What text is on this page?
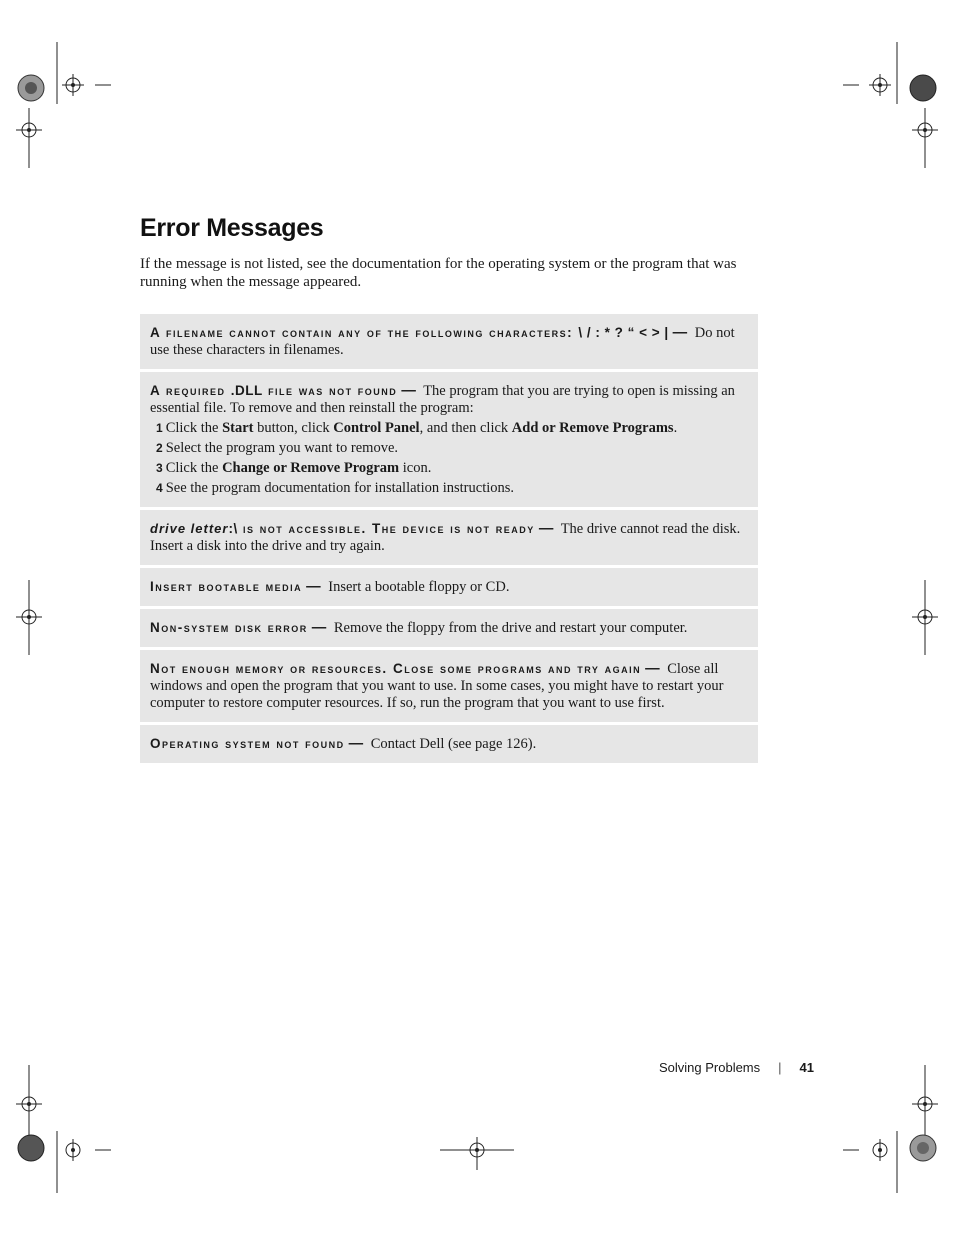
Error Messages

If the message is not listed, see the documentation for the operating system or the program that was running when the message appeared.

A filename cannot contain any of the following characters: \ / : * ? “ < > | — Do not use these characters in filenames.
A required .DLL file was not found — The program that you are trying to open is missing an essential file. To remove and then reinstall the program:
1 Click the Start button, click Control Panel, and then click Add or Remove Programs.
2 Select the program you want to remove.
3 Click the Change or Remove Program icon.
4 See the program documentation for installation instructions.
drive letter:\ is not accessible. The device is not ready — The drive cannot read the disk. Insert a disk into the drive and try again.
Insert bootable media — Insert a bootable floppy or CD.
Non-system disk error — Remove the floppy from the drive and restart your computer.
Not enough memory or resources. Close some programs and try again — Close all windows and open the program that you want to use. In some cases, you might have to restart your computer to restore computer resources. If so, run the program that you want to use first.
Operating system not found — Contact Dell (see page 126).
Solving Problems | 41
